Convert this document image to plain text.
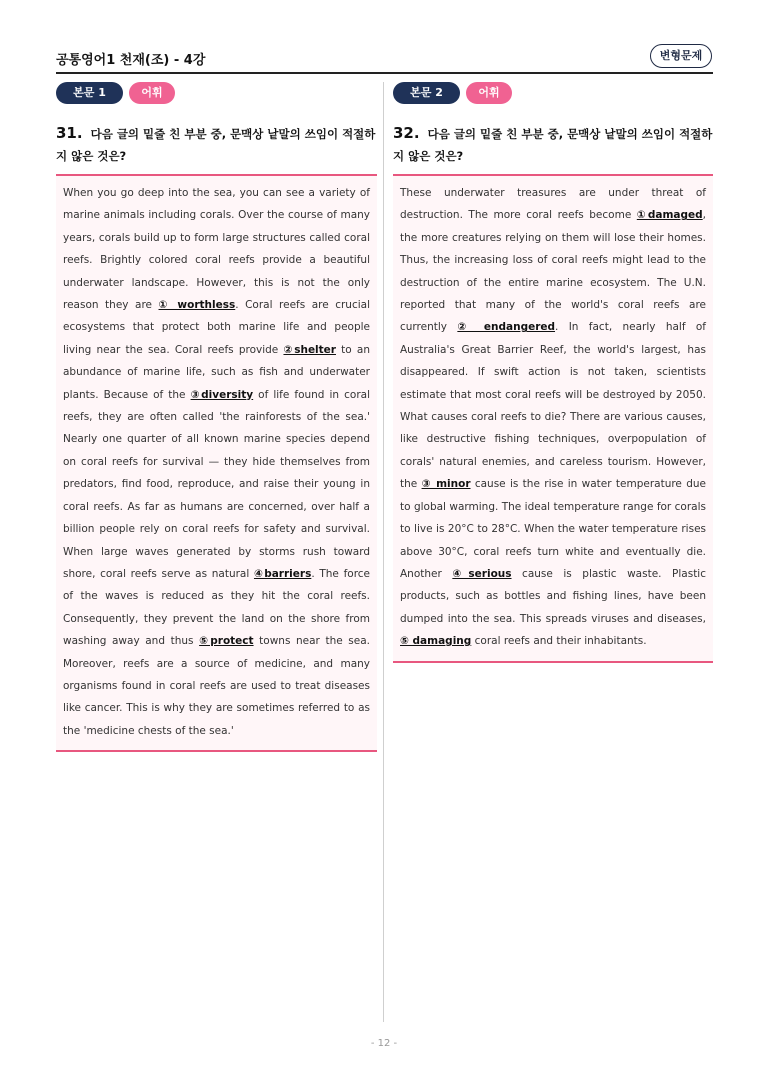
공통영어1 천재(조) - 4강	변형문제
본문 1	어휘
31. 다음 글의 밑줄 친 부분 중, 문맥상 낱말의 쓰임이 적절하지 않은 것은?
When you go deep into the sea, you can see a variety of marine animals including corals. Over the course of many years, corals build up to form large structures called coral reefs. Brightly colored coral reefs provide a beautiful underwater landscape. However, this is not the only reason they are ① worthless. Coral reefs are crucial ecosystems that protect both marine life and people living near the sea. Coral reefs provide ②shelter to an abundance of marine life, such as fish and underwater plants. Because of the ③diversity of life found in coral reefs, they are often called 'the rainforests of the sea.' Nearly one quarter of all known marine species depend on coral reefs for survival — they hide themselves from predators, find food, reproduce, and raise their young in coral reefs. As far as humans are concerned, over half a billion people rely on coral reefs for safety and survival. When large waves generated by storms rush toward shore, coral reefs serve as natural ④barriers. The force of the waves is reduced as they hit the coral reefs. Consequently, they prevent the land on the shore from washing away and thus ⑤protect towns near the sea. Moreover, reefs are a source of medicine, and many organisms found in coral reefs are used to treat diseases like cancer. This is why they are sometimes referred to as the 'medicine chests of the sea.'
본문 2	어휘
32. 다음 글의 밑줄 친 부분 중, 문맥상 낱말의 쓰임이 적절하지 않은 것은?
These underwater treasures are under threat of destruction. The more coral reefs become ①damaged, the more creatures relying on them will lose their homes. Thus, the increasing loss of coral reefs might lead to the destruction of the entire marine ecosystem. The U.N. reported that many of the world's coral reefs are currently ② endangered. In fact, nearly half of Australia's Great Barrier Reef, the world's largest, has disappeared. If swift action is not taken, scientists estimate that most coral reefs will be destroyed by 2050. What causes coral reefs to die? There are various causes, like destructive fishing techniques, overpopulation of corals' natural enemies, and careless tourism. However, the ③ minor cause is the rise in water temperature due to global warming. The ideal temperature range for corals to live is 20°C to 28°C. When the water temperature rises above 30°C, coral reefs turn white and eventually die. Another ④serious cause is plastic waste. Plastic products, such as bottles and fishing lines, have been dumped into the sea. This spreads viruses and diseases, ⑤ damaging coral reefs and their inhabitants.
- 12 -
